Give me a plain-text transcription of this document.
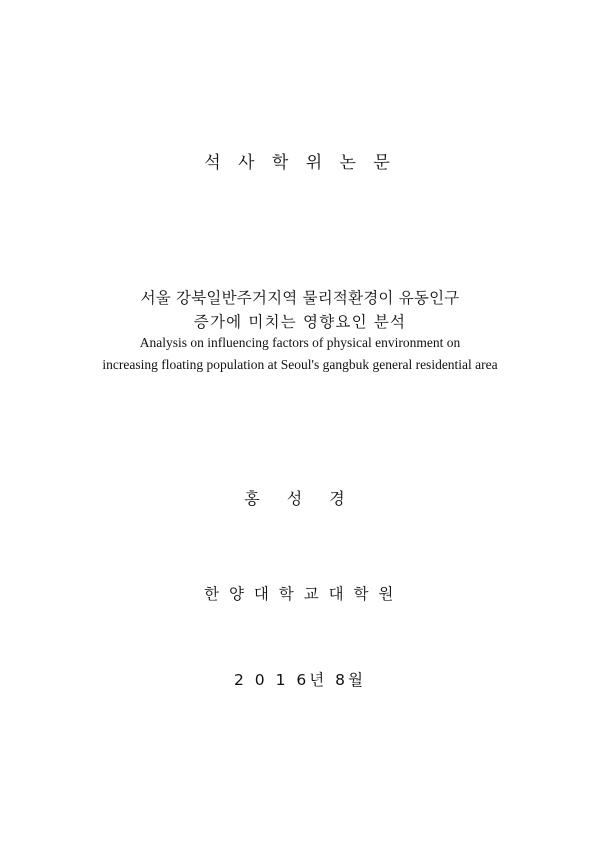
석 사 학 위 논 문
서울 강북일반주거지역 물리적환경이 유동인구
증가에 미치는 영향요인 분석
Analysis on influencing factors of physical environment on
increasing floating population at Seoul's gangbuk general residential area
홍 성 경
한 양 대 학 교 대 학 원
2 0 1 6년 8월
